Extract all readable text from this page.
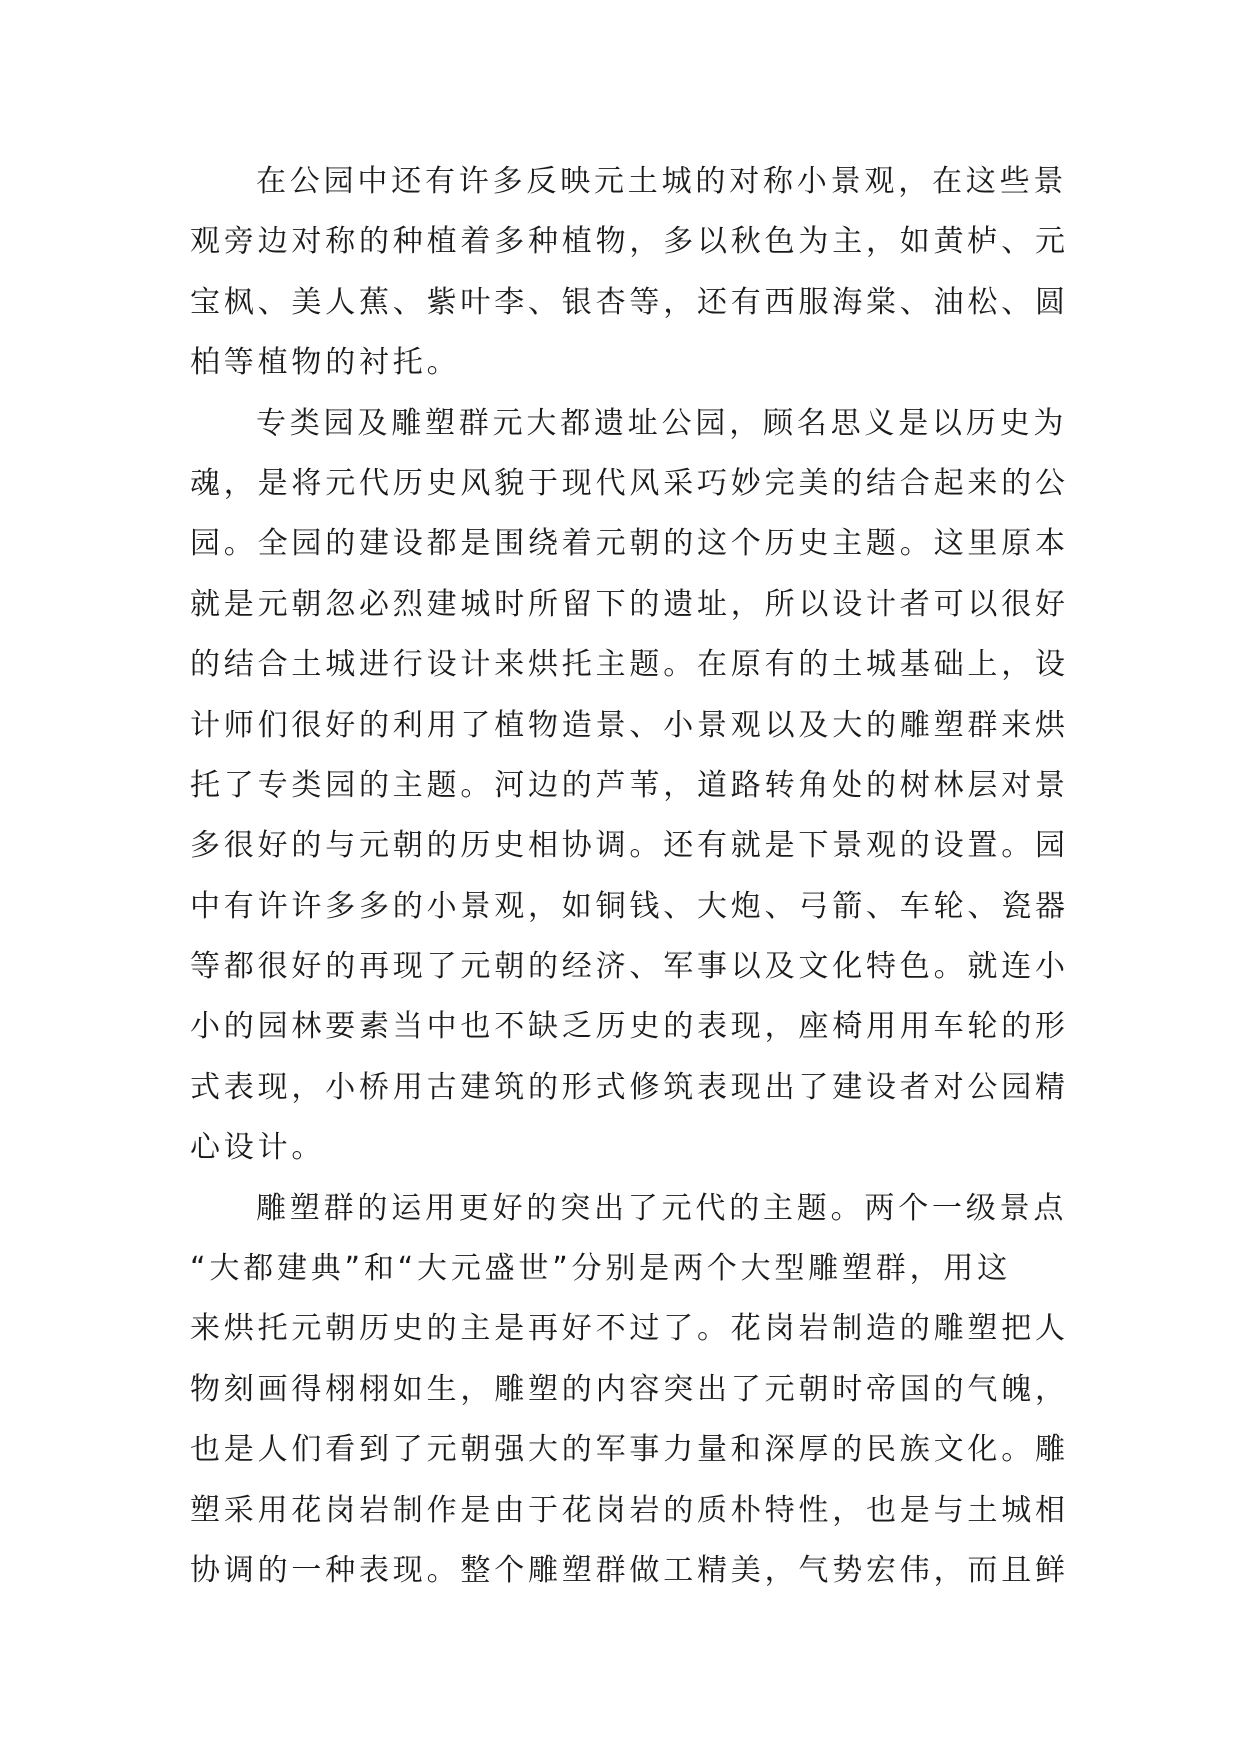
在公园中还有许多反映元土城的对称小景观，在这些景
观旁边对称的种植着多种植物，多以秋色为主，如黄栌、元
宝枫、美人蕉、紫叶李、银杏等，还有西服海棠、油松、圆
柏等植物的衬托。
专类园及雕塑群元大都遗址公园，顾名思义是以历史为
魂，是将元代历史风貌于现代风采巧妙完美的结合起来的公
园。全园的建设都是围绕着元朝的这个历史主题。这里原本
就是元朝忽必烈建城时所留下的遗址，所以设计者可以很好
的结合土城进行设计来烘托主题。在原有的土城基础上，设
计师们很好的利用了植物造景、小景观以及大的雕塑群来烘
托了专类园的主题。河边的芦苇，道路转角处的树林层对景
多很好的与元朝的历史相协调。还有就是下景观的设置。园
中有许许多多的小景观，如铜钱、大炮、弓箭、车轮、瓷器
等都很好的再现了元朝的经济、军事以及文化特色。就连小
小的园林要素当中也不缺乏历史的表现，座椅用用车轮的形
式表现，小桥用古建筑的形式修筑表现出了建设者对公园精
心设计。
雕塑群的运用更好的突出了元代的主题。两个一级景点
“大都建典”和“大元盛世”分别是两个大型雕塑群，用这
来烘托元朝历史的主是再好不过了。花岗岩制造的雕塑把人
物刻画得栩栩如生，雕塑的内容突出了元朝时帝国的气魄，
也是人们看到了元朝强大的军事力量和深厚的民族文化。雕
塑采用花岗岩制作是由于花岗岩的质朴特性，也是与土城相
协调的一种表现。整个雕塑群做工精美，气势宏伟，而且鲜
